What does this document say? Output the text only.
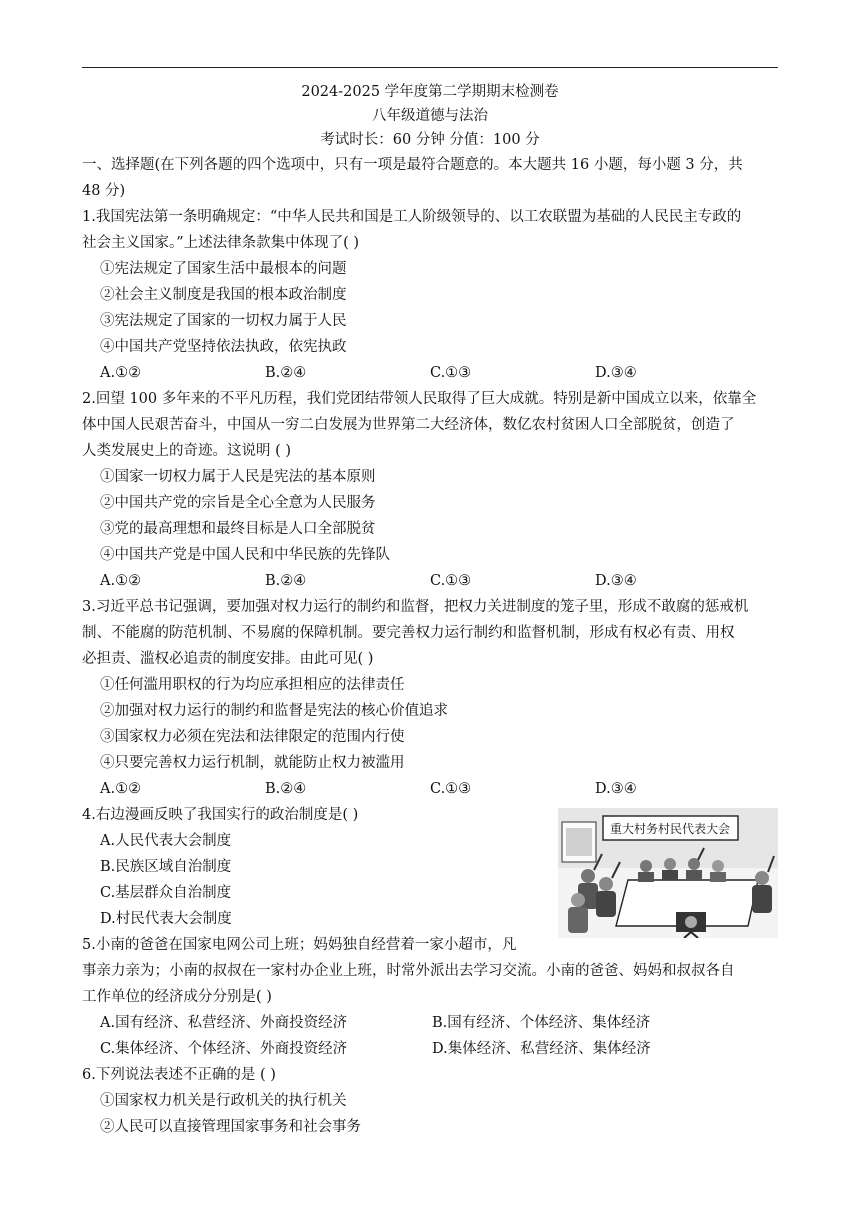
2024-2025 学年度第二学期期末检测卷
八年级道德与法治
考试时长：60 分钟 分值：100 分

一、选择题(在下列各题的四个选项中，只有一项是最符合题意的。本大题共 16 小题，每小题 3 分，共

48 分)

1.我国宪法第一条明确规定：“中华人民共和国是工人阶级领导的、以工农联盟为基础的人民民主专政的

社会主义国家。”上述法律条款集中体现了( )

①宪法规定了国家生活中最根本的问题

②社会主义制度是我国的根本政治制度

③宪法规定了国家的一切权力属于人民

④中国共产党坚持依法执政，依宪执政

A.①②	B.②④	C.①③	D.③④

2.回望 100 多年来的不平凡历程，我们党团结带领人民取得了巨大成就。特别是新中国成立以来，依靠全

体中国人民艰苦奋斗，中国从一穷二白发展为世界第二大经济体，数亿农村贫困人口全部脱贫，创造了

人类发展史上的奇迹。这说明 ( )

①国家一切权力属于人民是宪法的基本原则

②中国共产党的宗旨是全心全意为人民服务

③党的最高理想和最终目标是人口全部脱贫

④中国共产党是中国人民和中华民族的先锋队

A.①②	B.②④	C.①③	D.③④

3.习近平总书记强调，要加强对权力运行的制约和监督，把权力关进制度的笼子里，形成不敢腐的惩戒机

制、不能腐的防范机制、不易腐的保障机制。要完善权力运行制约和监督机制，形成有权必有责、用权

必担责、滥权必追责的制度安排。由此可见( )

①任何滥用职权的行为均应承担相应的法律责任

②加强对权力运行的制约和监督是宪法的核心价值追求

③国家权力必须在宪法和法律限定的范围内行使

④只要完善权力运行机制，就能防止权力被滥用

A.①②	B.②④	C.①③	D.③④

4.右边漫画反映了我国实行的政治制度是( )

A.人民代表大会制度

B.民族区域自治制度

C.基层群众自治制度

D.村民代表大会制度

5.小南的爸爸在国家电网公司上班；妈妈独自经营着一家小超市，凡

重大村务村民代表大会

事亲力亲为；小南的叔叔在一家村办企业上班，时常外派出去学习交流。小南的爸爸、妈妈和叔叔各自

工作单位的经济成分分别是( )

A.国有经济、私营经济、外商投资经济	B.国有经济、个体经济、集体经济
C.集体经济、个体经济、外商投资经济	D.集体经济、私营经济、集体经济

6.下列说法表述不正确的是 ( )

①国家权力机关是行政机关的执行机关

②人民可以直接管理国家事务和社会事务
